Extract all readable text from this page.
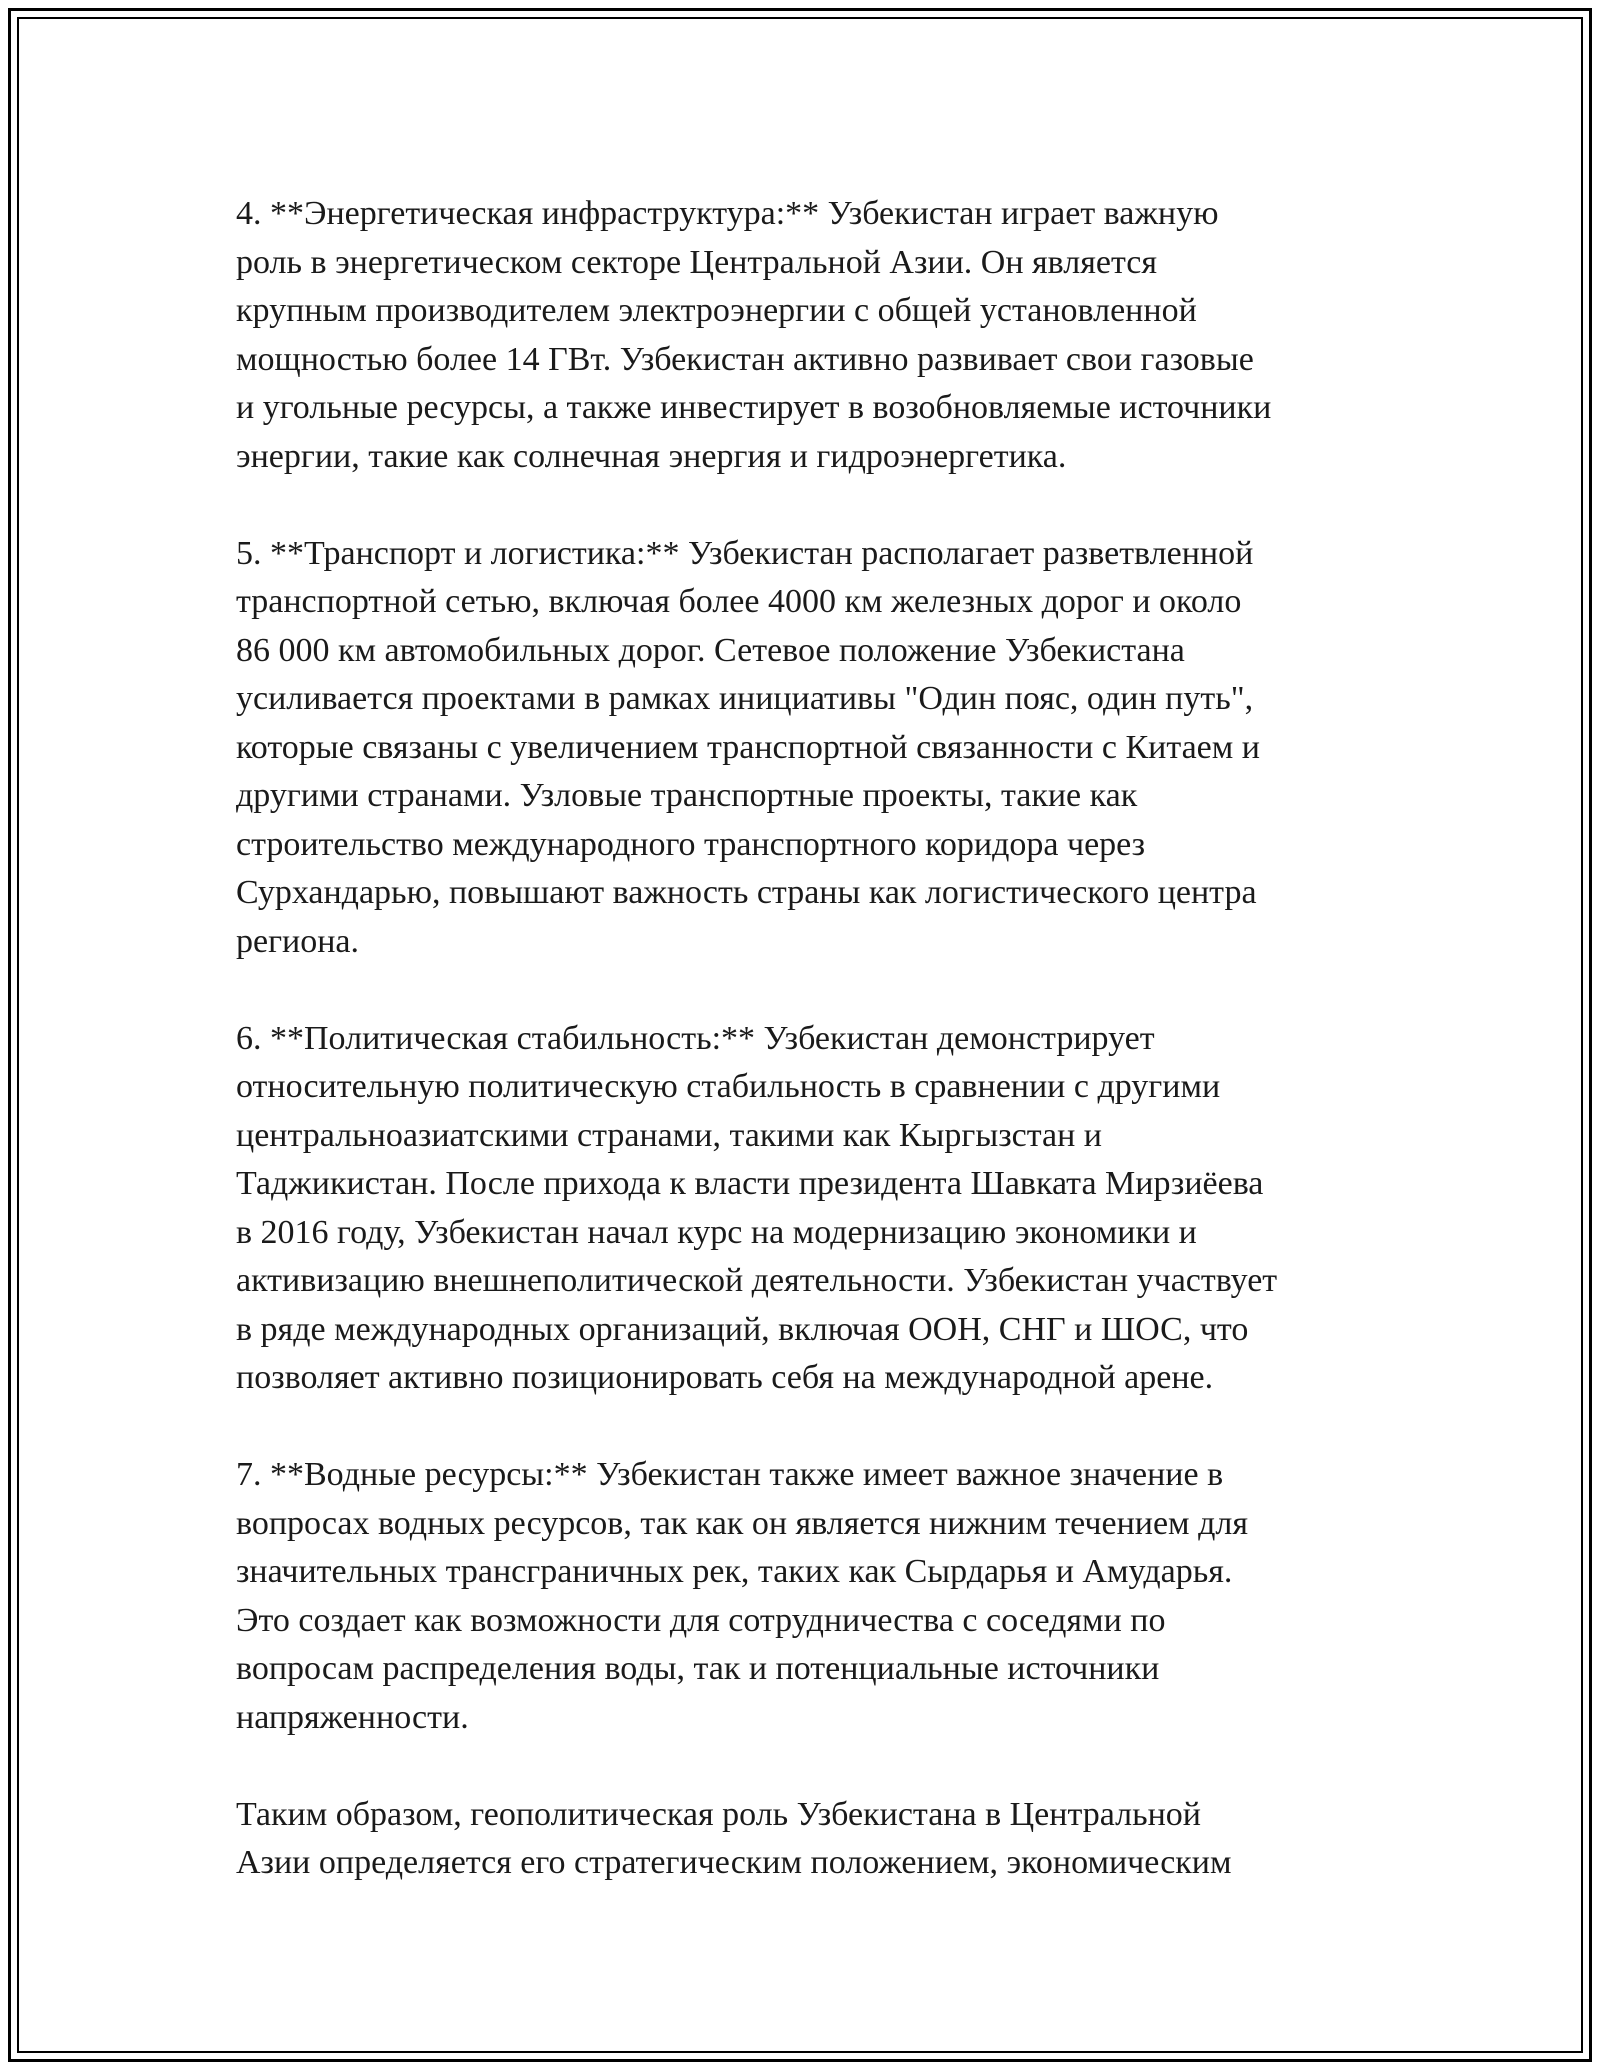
4. **Энергетическая инфраструктура:** Узбекистан играет важную
роль в энергетическом секторе Центральной Азии. Он является
крупным производителем электроэнергии с общей установленной
мощностью более 14 ГВт. Узбекистан активно развивает свои газовые
и угольные ресурсы, а также инвестирует в возобновляемые источники
энергии, такие как солнечная энергия и гидроэнергетика.

5. **Транспорт и логистика:** Узбекистан располагает разветвленной
транспортной сетью, включая более 4000 км железных дорог и около
86 000 км автомобильных дорог. Сетевое положение Узбекистана
усиливается проектами в рамках инициативы "Один пояс, один путь",
которые связаны с увеличением транспортной связанности с Китаем и
другими странами. Узловые транспортные проекты, такие как
строительство международного транспортного коридора через
Сурхандарью, повышают важность страны как логистического центра
региона.

6. **Политическая стабильность:** Узбекистан демонстрирует
относительную политическую стабильность в сравнении с другими
центральноазиатскими странами, такими как Кыргызстан и
Таджикистан. После прихода к власти президента Шавката Мирзиёева
в 2016 году, Узбекистан начал курс на модернизацию экономики и
активизацию внешнеполитической деятельности. Узбекистан участвует
в ряде международных организаций, включая ООН, СНГ и ШОС, что
позволяет активно позиционировать себя на международной арене.

7. **Водные ресурсы:** Узбекистан также имеет важное значение в
вопросах водных ресурсов, так как он является нижним течением для
значительных трансграничных рек, таких как Сырдарья и Амударья.
Это создает как возможности для сотрудничества с соседями по
вопросам распределения воды, так и потенциальные источники
напряженности.

Таким образом, геополитическая роль Узбекистана в Центральной
Азии определяется его стратегическим положением, экономическим
